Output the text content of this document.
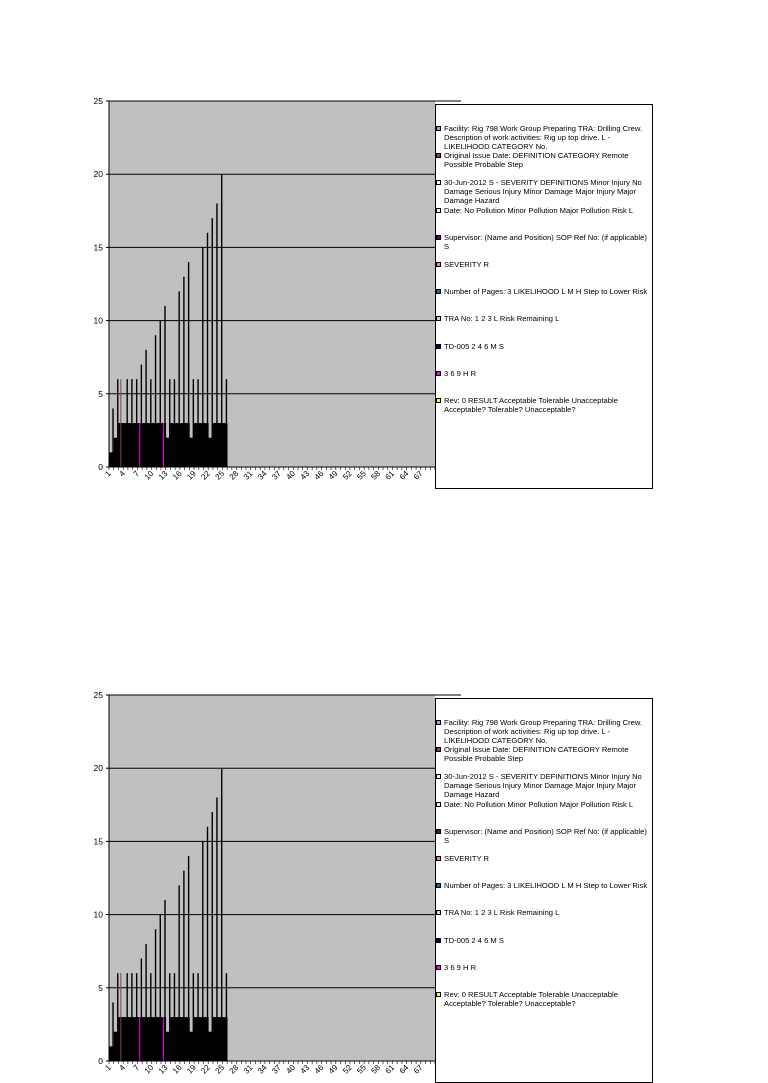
0
5
10
15
20
25
1 4 7 10 13 16 19 22 25 28 31 34 37 40 43 46 49 52 55 58 61 64 67
0
5
10
15
20
25
1 4 7 10 13 16 19 22 25 28 31 34 37 40 43 46 49 52 55 58 61 64 67
Facility: Rig 798 Work Group Preparing TRA: Drilling Crew. Description of work activities: Rig up top drive. L - LIKELIHOOD CATEGORY No.
Original Issue Date: DEFINITION CATEGORY Remote Possible Probable Step
30-Jun-2012 S - SEVERITY DEFINITIONS Minor Injury No Damage Serious Injury Minor Damage Major Injury Major Damage Hazard
Date: No Pollution Minor Pollution Major Pollution Risk L
Supervisor: (Name and Position) SOP Ref No: (if applicable) S
SEVERITY R
Number of Pages: 3 LIKELIHOOD L M H Step to Lower Risk
TRA No: 1 2 3 L Risk Remaining L
TD-005 2 4 6 M S
3 6 9 H R
Rev: 0 RESULT Acceptable Tolerable Unacceptable Acceptable? Tolerable? Unacceptable?
Facility: Rig 798 Work Group Preparing TRA: Drilling Crew. Description of work activities: Rig up top drive. L - LIKELIHOOD CATEGORY No.
Original Issue Date: DEFINITION CATEGORY Remote Possible Probable Step
30-Jun-2012 S - SEVERITY DEFINITIONS Minor Injury No Damage Serious Injury Minor Damage Major Injury Major Damage Hazard
Date: No Pollution Minor Pollution Major Pollution Risk L
Supervisor: (Name and Position) SOP Ref No: (if applicable) S
SEVERITY R
Number of Pages: 3 LIKELIHOOD L M H Step to Lower Risk
TRA No: 1 2 3 L Risk Remaining L
TD-005 2 4 6 M S
3 6 9 H R
Rev: 0 RESULT Acceptable Tolerable Unacceptable Acceptable? Tolerable? Unacceptable?
